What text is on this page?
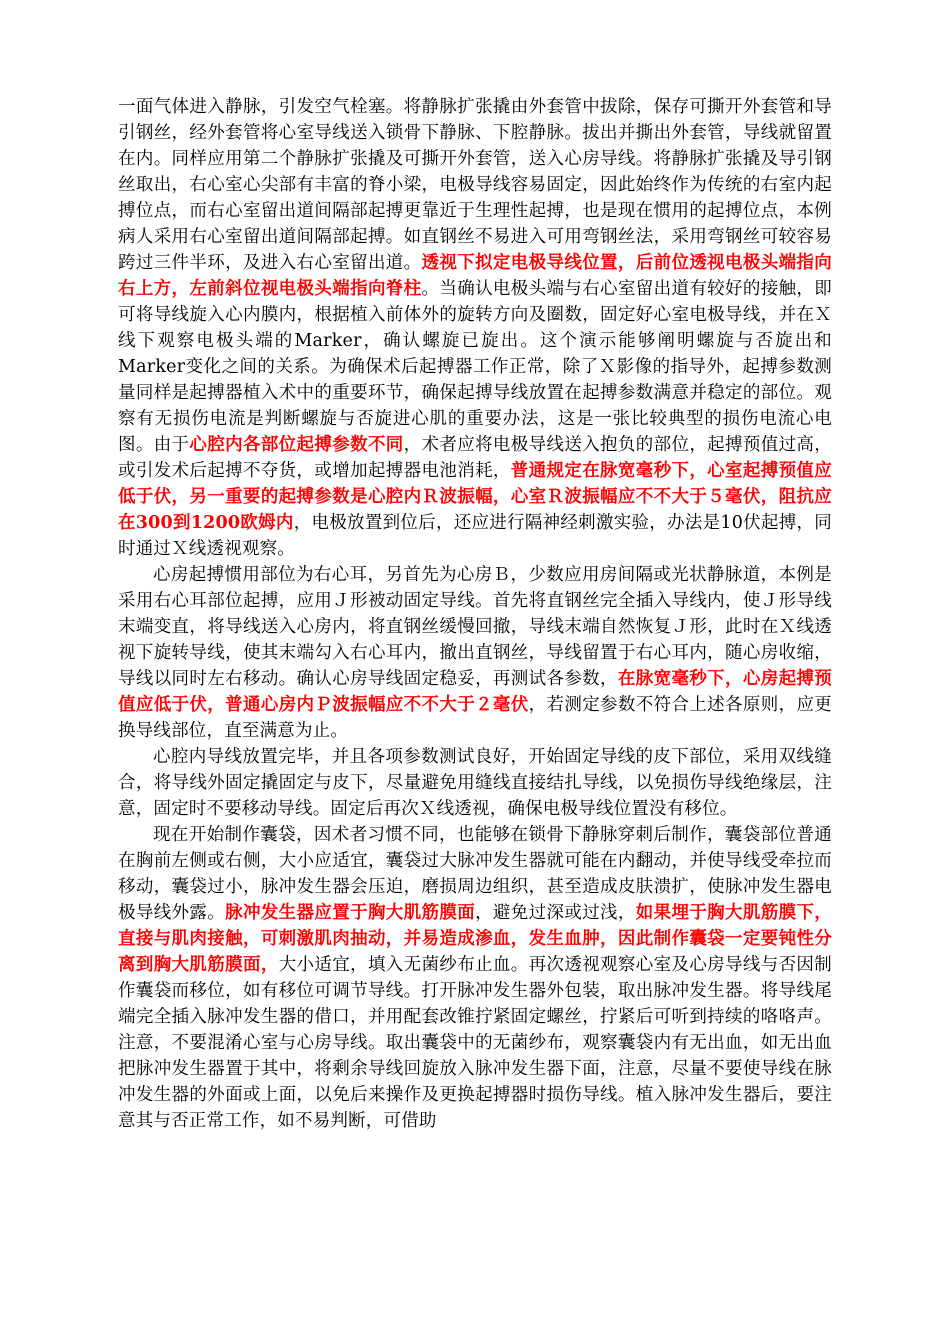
一面气体进入静脉，引发空气栓塞。将静脉扩张撬由外套管中拔除，保存可撕开外套管和导引钢丝，经外套管将心室导线送入锁骨下静脉、下腔静脉。拔出并撕出外套管，导线就留置在内。同样应用第二个静脉扩张撬及可撕开外套管，送入心房导线。将静脉扩张撬及导引钢丝取出，右心室心尖部有丰富的脊小梁，电极导线容易固定，因此始终作为传统的右室内起搏位点，而右心室留出道间隔部起搏更靠近于生理性起搏，也是现在惯用的起搏位点，本例病人采用右心室留出道间隔部起搏。如直钢丝不易进入可用弯钢丝法，采用弯钢丝可较容易跨过三件半环，及进入右心室留出道。透视下拟定电极导线位置，后前位透视电极头端指向右上方，左前斜位视电极头端指向脊柱。当确认电极头端与右心室留出道有较好的接触，即可将导线旋入心内膜内，根据植入前体外的旋转方向及圈数，固定好心室电极导线，并在Ｘ线下观察电极头端的Marker，确认螺旋已旋出。这个演示能够阐明螺旋与否旋出和Marker变化之间的关系。为确保术后起搏器工作正常，除了Ｘ影像的指导外，起搏参数测量同样是起搏器植入术中的重要环节，确保起搏导线放置在起搏参数满意并稳定的部位。观察有无损伤电流是判断螺旋与否旋进心肌的重要办法，这是一张比较典型的损伤电流心电图。由于心腔内各部位起搏参数不同，术者应将电极导线送入抱负的部位，起搏预值过高，或引发术后起搏不夺货，或增加起搏器电池消耗，普通规定在脉宽毫秒下，心室起搏预值应低于伏，另一重要的起搏参数是心腔内Ｒ波振幅，心室Ｒ波振幅应不不大于５毫伏，阻抗应在300到1200欧姆内，电极放置到位后，还应进行隔神经刺激实验，办法是10伏起搏，同时通过Ｘ线透视观察。

心房起搏惯用部位为右心耳，另首先为心房Ｂ，少数应用房间隔或光状静脉道，本例是采用右心耳部位起搏，应用Ｊ形被动固定导线。首先将直钢丝完全插入导线内，使Ｊ形导线末端变直，将导线送入心房内，将直钢丝缓慢回撤，导线末端自然恢复Ｊ形，此时在Ｘ线透视下旋转导线，使其末端勾入右心耳内，撤出直钢丝，导线留置于右心耳内，随心房收缩，导线以同时左右移动。确认心房导线固定稳妥，再测试各参数，在脉宽毫秒下，心房起搏预值应低于伏，普通心房内Ｐ波振幅应不不大于２毫伏，若测定参数不符合上述各原则，应更换导线部位，直至满意为止。

心腔内导线放置完毕，并且各项参数测试良好，开始固定导线的皮下部位，采用双线缝合，将导线外固定撬固定与皮下，尽量避免用缝线直接结扎导线，以免损伤导线绝缘层，注意，固定时不要移动导线。固定后再次Ｘ线透视，确保电极导线位置没有移位。

现在开始制作囊袋，因术者习惯不同，也能够在锁骨下静脉穿刺后制作，囊袋部位普通在胸前左侧或右侧，大小应适宜，囊袋过大脉冲发生器就可能在内翻动，并使导线受牵拉而移动，囊袋过小，脉冲发生器会压迫，磨损周边组织，甚至造成皮肤溃扩，使脉冲发生器电极导线外露。脉冲发生器应置于胸大肌筋膜面，避免过深或过浅，如果埋于胸大肌筋膜下，直接与肌肉接触，可刺激肌肉抽动，并易造成渗血，发生血肿，因此制作囊袋一定要钝性分离到胸大肌筋膜面，大小适宜，填入无菌纱布止血。再次透视观察心室及心房导线与否因制作囊袋而移位，如有移位可调节导线。打开脉冲发生器外包装，取出脉冲发生器。将导线尾端完全插入脉冲发生器的借口，并用配套改锥拧紧固定螺丝，拧紧后可听到持续的咯咯声。注意，不要混淆心室与心房导线。取出囊袋中的无菌纱布，观察囊袋内有无出血，如无出血把脉冲发生器置于其中，将剩余导线回旋放入脉冲发生器下面，注意，尽量不要使导线在脉冲发生器的外面或上面，以免后来操作及更换起搏器时损伤导线。植入脉冲发生器后，要注意其与否正常工作，如不易判断，可借助
